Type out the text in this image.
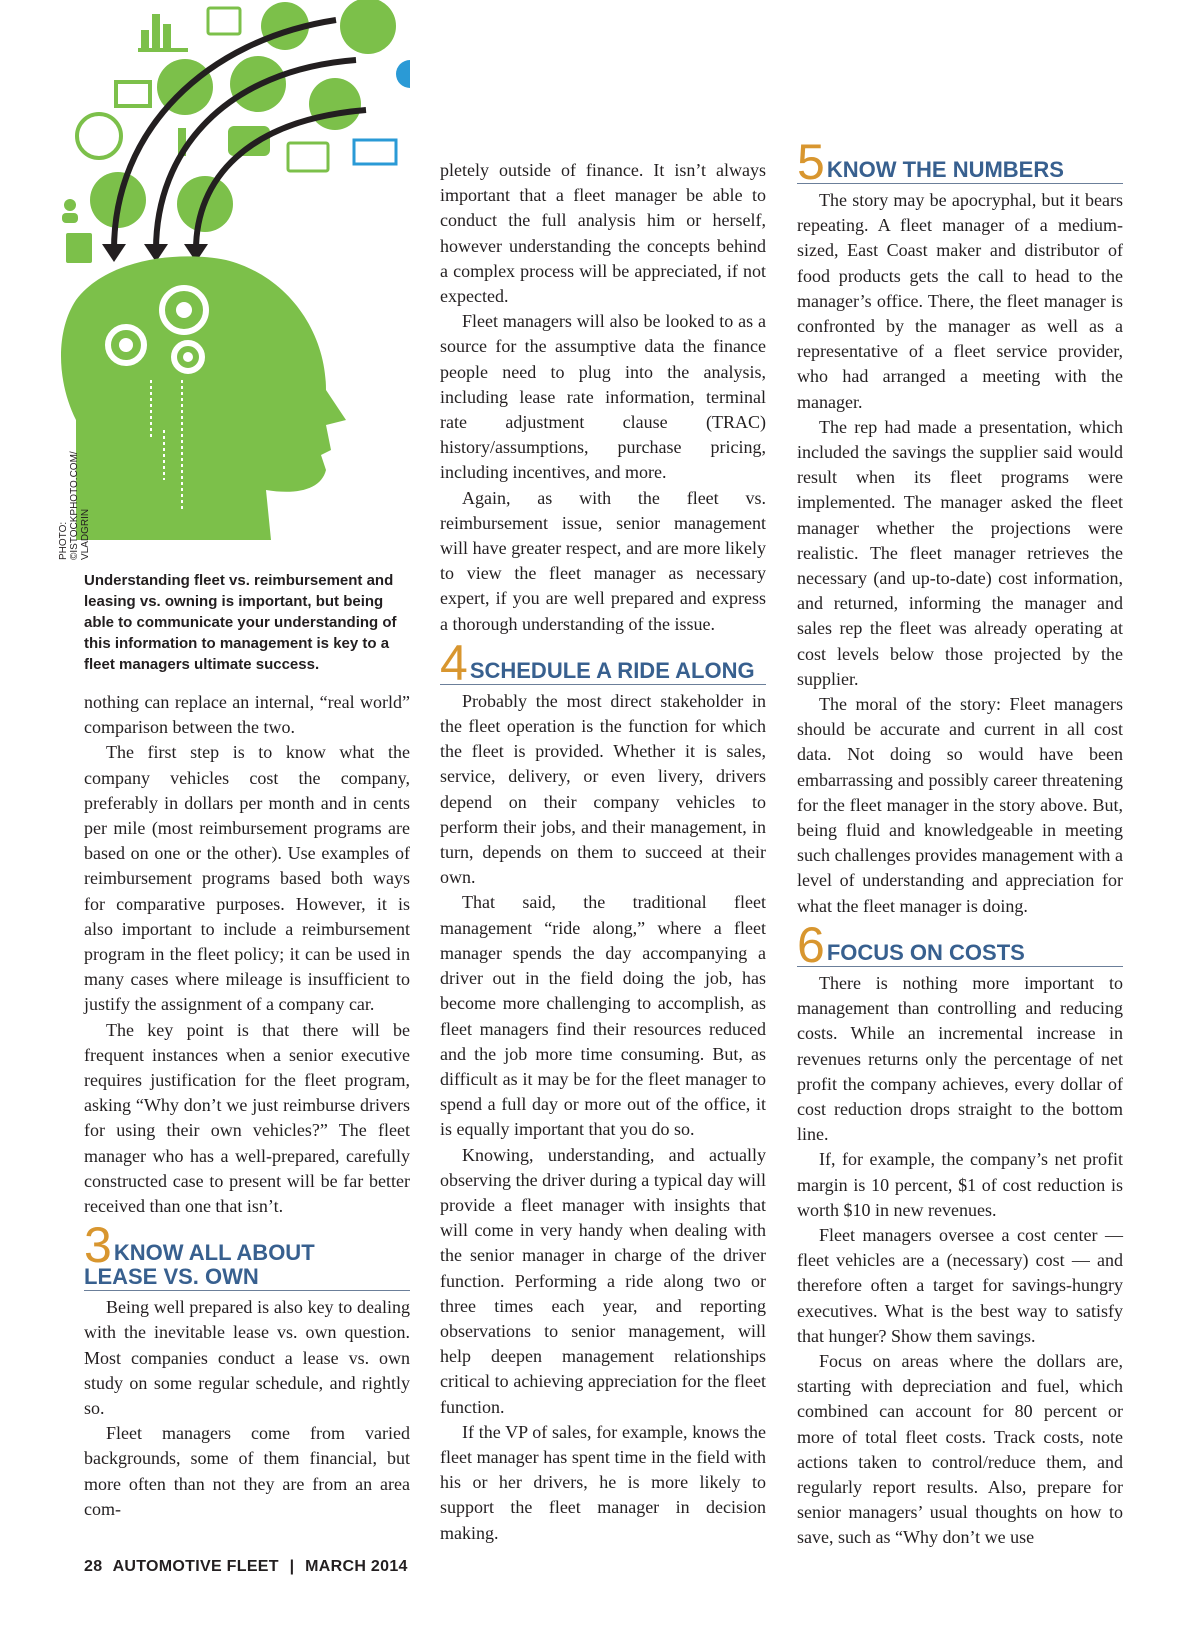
PHOTO: ©ISTOCKPHOTO.COM/ VLADGRIN
Understanding fleet vs. reimbursement and leasing vs. owning is important, but being able to communicate your understanding of this information to management is key to a fleet managers ultimate success.

nothing can replace an internal, “real world” comparison between the two.

The first step is to know what the company vehicles cost the company, preferably in dollars per month and in cents per mile (most reimbursement programs are based on one or the other). Use examples of reimbursement programs based both ways for comparative purposes. However, it is also important to include a reimbursement program in the fleet policy; it can be used in many cases where mileage is insufficient to justify the assignment of a company car.

The key point is that there will be frequent instances when a senior executive requires justification for the fleet program, asking “Why don’t we just reimburse drivers for using their own vehicles?” The fleet manager who has a well-prepared, carefully constructed case to present will be far better received than one that isn’t.

3 KNOW ALL ABOUT
LEASE VS. OWN

Being well prepared is also key to dealing with the inevitable lease vs. own question. Most companies conduct a lease vs. own study on some regular schedule, and rightly so.

Fleet managers come from varied backgrounds, some of them financial, but more often than not they are from an area com-

pletely outside of finance. It isn’t always important that a fleet manager be able to conduct the full analysis him or herself, however understanding the concepts behind a complex process will be appreciated, if not expected.

Fleet managers will also be looked to as a source for the assumptive data the finance people need to plug into the analysis, including lease rate information, terminal rate adjustment clause (TRAC) history/assumptions, purchase pricing, including incentives, and more.

Again, as with the fleet vs. reimbursement issue, senior management will have greater respect, and are more likely to view the fleet manager as necessary expert, if you are well prepared and express a thorough understanding of the issue.

4 SCHEDULE A RIDE ALONG

Probably the most direct stakeholder in the fleet operation is the function for which the fleet is provided. Whether it is sales, service, delivery, or even livery, drivers depend on their company vehicles to perform their jobs, and their management, in turn, depends on them to succeed at their own.

That said, the traditional fleet management “ride along,” where a fleet manager spends the day accompanying a driver out in the field doing the job, has become more challenging to accomplish, as fleet managers find their resources reduced and the job more time consuming. But, as difficult as it may be for the fleet manager to spend a full day or more out of the office, it is equally important that you do so.

Knowing, understanding, and actually observing the driver during a typical day will provide a fleet manager with insights that will come in very handy when dealing with the senior manager in charge of the driver function. Performing a ride along two or three times each year, and reporting observations to senior management, will help deepen management relationships critical to achieving appreciation for the fleet function.

If the VP of sales, for example, knows the fleet manager has spent time in the field with his or her drivers, he is more likely to support the fleet manager in decision making.

5 KNOW THE NUMBERS

The story may be apocryphal, but it bears repeating. A fleet manager of a medium-sized, East Coast maker and distributor of food products gets the call to head to the manager’s office. There, the fleet manager is confronted by the manager as well as a representative of a fleet service provider, who had arranged a meeting with the manager.

The rep had made a presentation, which included the savings the supplier said would result when its fleet programs were implemented. The manager asked the fleet manager whether the projections were realistic. The fleet manager retrieves the necessary (and up-to-date) cost information, and returned, informing the manager and sales rep the fleet was already operating at cost levels below those projected by the supplier.

The moral of the story: Fleet managers should be accurate and current in all cost data. Not doing so would have been embarrassing and possibly career threatening for the fleet manager in the story above. But, being fluid and knowledgeable in meeting such challenges provides management with a level of understanding and appreciation for what the fleet manager is doing.

6 FOCUS ON COSTS

There is nothing more important to management than controlling and reducing costs. While an incremental increase in revenues returns only the percentage of net profit the company achieves, every dollar of cost reduction drops straight to the bottom line.

If, for example, the company’s net profit margin is 10 percent, $1 of cost reduction is worth $10 in new revenues.

Fleet managers oversee a cost center — fleet vehicles are a (necessary) cost — and therefore often a target for savings-hungry executives. What is the best way to satisfy that hunger? Show them savings.

Focus on areas where the dollars are, starting with depreciation and fuel, which combined can account for 80 percent or more of total fleet costs. Track costs, note actions taken to control/reduce them, and regularly report results. Also, prepare for senior managers’ usual thoughts on how to save, such as “Why don’t we use

28 AUTOMOTIVE FLEET | MARCH 2014
